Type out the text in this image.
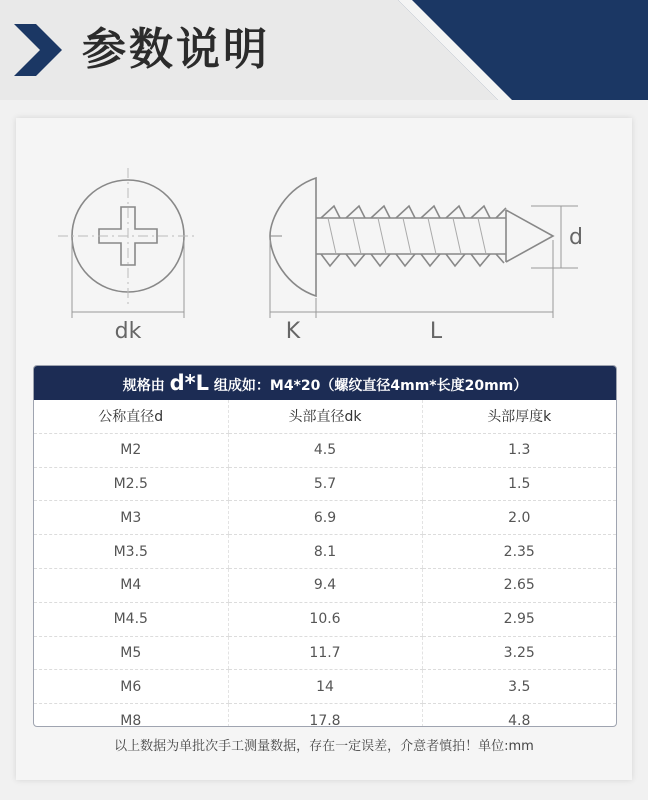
参数说明
dk	K	L
d
规格由 d*L 组成如：M4*20（螺纹直径4mm*长度20mm）
公称直径d	头部直径dk	头部厚度k
M2	4.5	1.3
M2.5	5.7	1.5
M3	6.9	2.0
M3.5	8.1	2.35
M4	9.4	2.65
M4.5	10.6	2.95
M5	11.7	3.25
M6	14	3.5
M8	17.8	4.8
以上数据为单批次手工测量数据，存在一定误差，介意者慎拍！单位:mm
